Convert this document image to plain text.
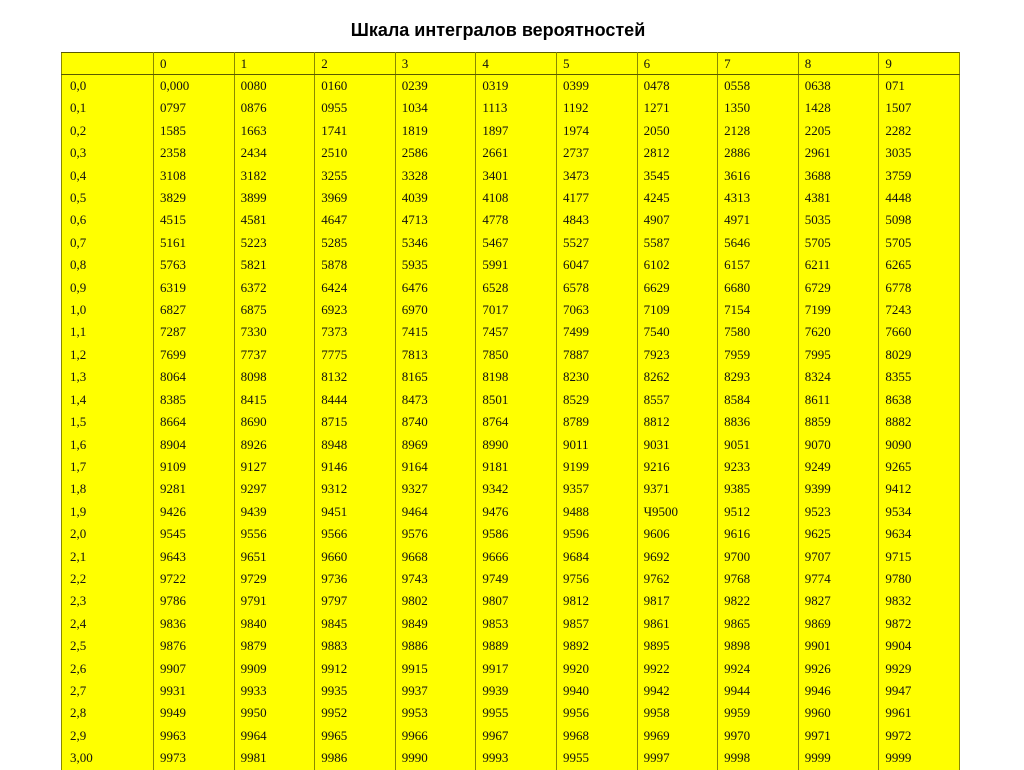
Шкала интегралов вероятностей
	0	1	2	3	4	5	6	7	8	9
0,0	0,000	0080	0160	0239	0319	0399	0478	0558	0638	071
0,1	0797	0876	0955	1034	1113	1192	1271	1350	1428	1507
0,2	1585	1663	1741	1819	1897	1974	2050	2128	2205	2282
0,3	2358	2434	2510	2586	2661	2737	2812	2886	2961	3035
0,4	3108	3182	3255	3328	3401	3473	3545	3616	3688	3759
0,5	3829	3899	3969	4039	4108	4177	4245	4313	4381	4448
0,6	4515	4581	4647	4713	4778	4843	4907	4971	5035	5098
0,7	5161	5223	5285	5346	5467	5527	5587	5646	5705	5705
0,8	5763	5821	5878	5935	5991	6047	6102	6157	6211	6265
0,9	6319	6372	6424	6476	6528	6578	6629	6680	6729	6778
1,0	6827	6875	6923	6970	7017	7063	7109	7154	7199	7243
1,1	7287	7330	7373	7415	7457	7499	7540	7580	7620	7660
1,2	7699	7737	7775	7813	7850	7887	7923	7959	7995	8029
1,3	8064	8098	8132	8165	8198	8230	8262	8293	8324	8355
1,4	8385	8415	8444	8473	8501	8529	8557	8584	8611	8638
1,5	8664	8690	8715	8740	8764	8789	8812	8836	8859	8882
1,6	8904	8926	8948	8969	8990	9011	9031	9051	9070	9090
1,7	9109	9127	9146	9164	9181	9199	9216	9233	9249	9265
1,8	9281	9297	9312	9327	9342	9357	9371	9385	9399	9412
1,9	9426	9439	9451	9464	9476	9488	Ч9500	9512	9523	9534
2,0	9545	9556	9566	9576	9586	9596	9606	9616	9625	9634
2,1	9643	9651	9660	9668	9666	9684	9692	9700	9707	9715
2,2	9722	9729	9736	9743	9749	9756	9762	9768	9774	9780
2,3	9786	9791	9797	9802	9807	9812	9817	9822	9827	9832
2,4	9836	9840	9845	9849	9853	9857	9861	9865	9869	9872
2,5	9876	9879	9883	9886	9889	9892	9895	9898	9901	9904
2,6	9907	9909	9912	9915	9917	9920	9922	9924	9926	9929
2,7	9931	9933	9935	9937	9939	9940	9942	9944	9946	9947
2,8	9949	9950	9952	9953	9955	9956	9958	9959	9960	9961
2,9	9963	9964	9965	9966	9967	9968	9969	9970	9971	9972
3,00	9973	9981	9986	9990	9993	9955	9997	9998	9999	9999
